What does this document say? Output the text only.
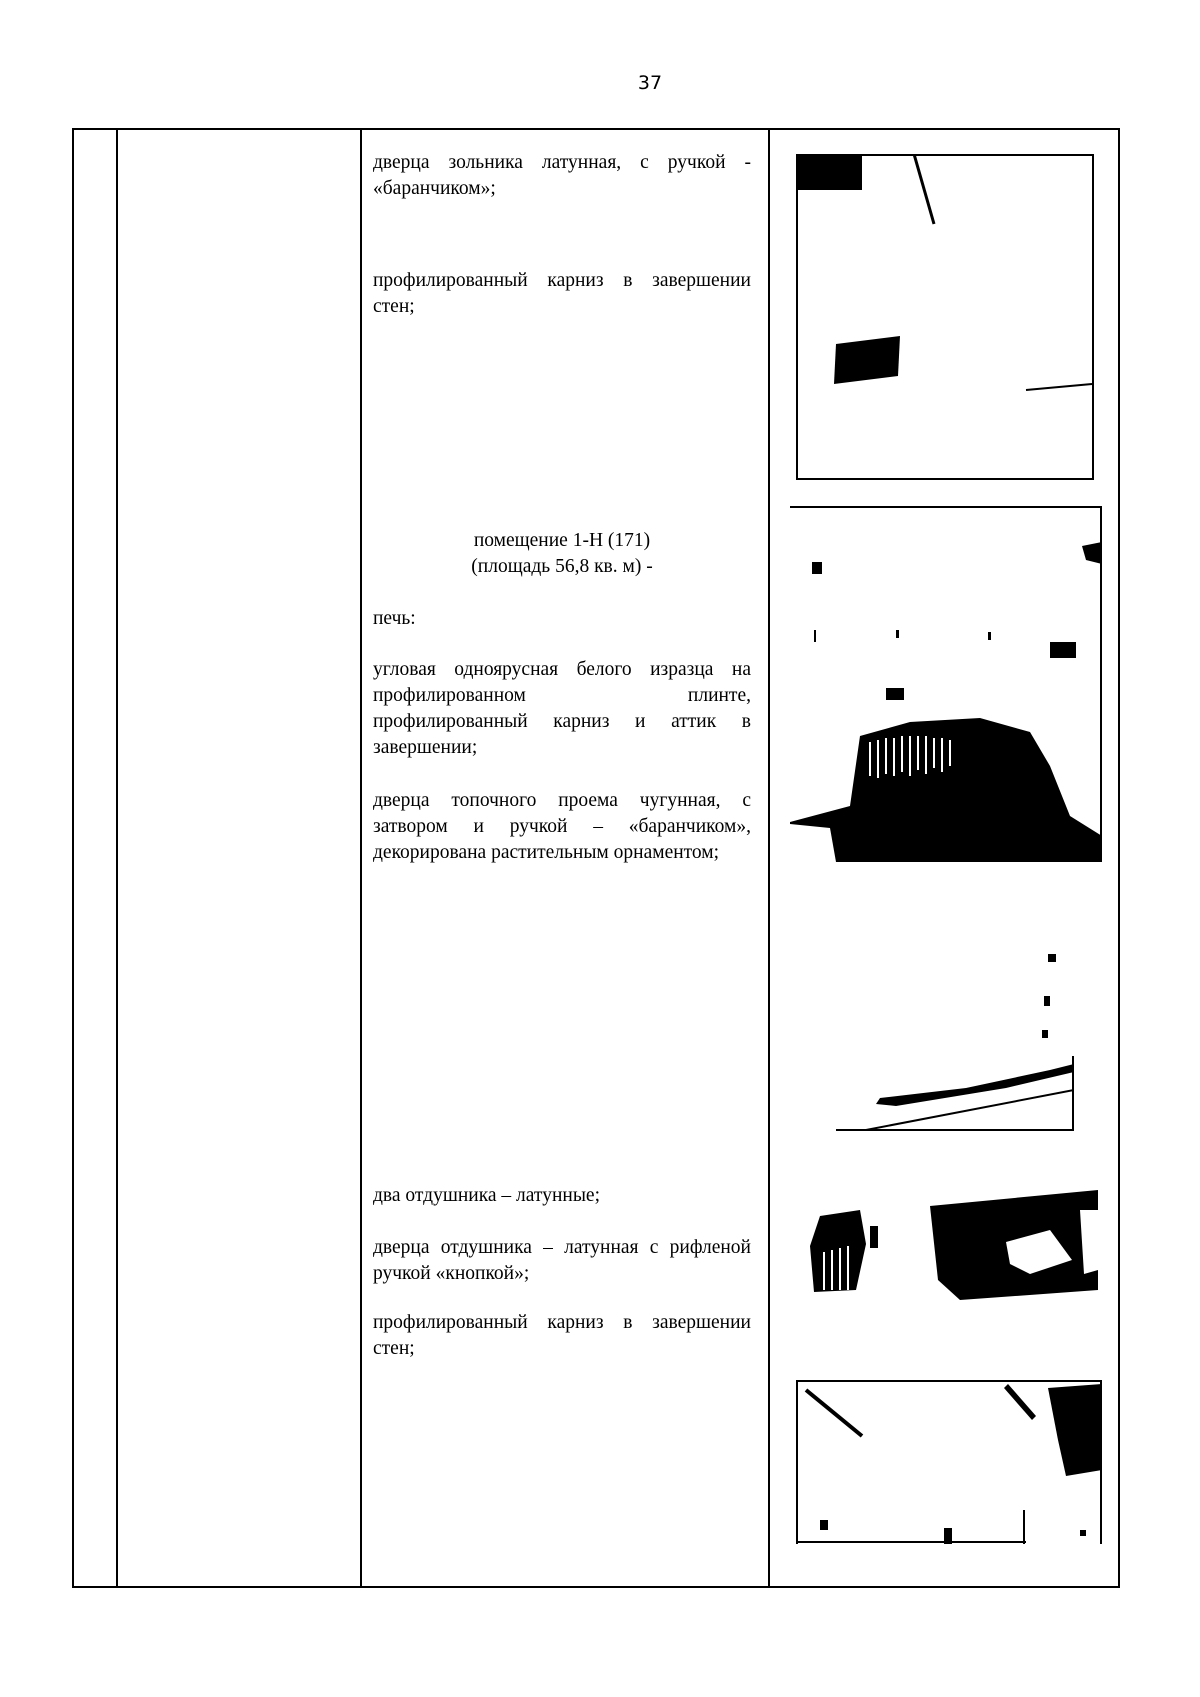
37

дверца зольника латунная, с ручкой - «баранчиком»;

профилированный карниз в завершении стен;

помещение 1-Н (171)

(площадь 56,8 кв. м) -

печь:

угловая одноярусная белого изразца на профилированном плинте, профилированный карниз и аттик в завершении;

дверца топочного проема чугунная, с затвором и ручкой – «баранчиком», декорирована растительным орнаментом;

два отдушника – латунные;

дверца отдушника – латунная с рифленой ручкой «кнопкой»;

профилированный карниз в завершении стен;
